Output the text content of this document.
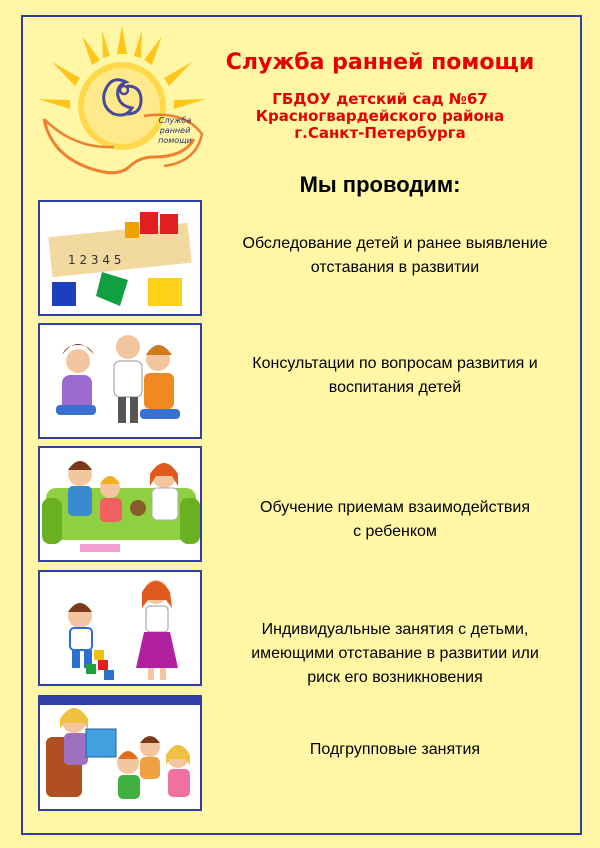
Служба
ранней
помощи
Служба ранней помощи
ГБДОУ детский сад №67
Красногвардейского района
г.Санкт-Петербурга
Мы проводим:
1 2 3 4 5
Обследование детей и ранее выявление
отставания в развитии
Консультации по вопросам развития и
воспитания детей
Обучение приемам взаимодействия
с ребенком
Индивидуальные занятия с детьми,
имеющими отставание в развитии или
риск его возникновения
Подгрупповые занятия
